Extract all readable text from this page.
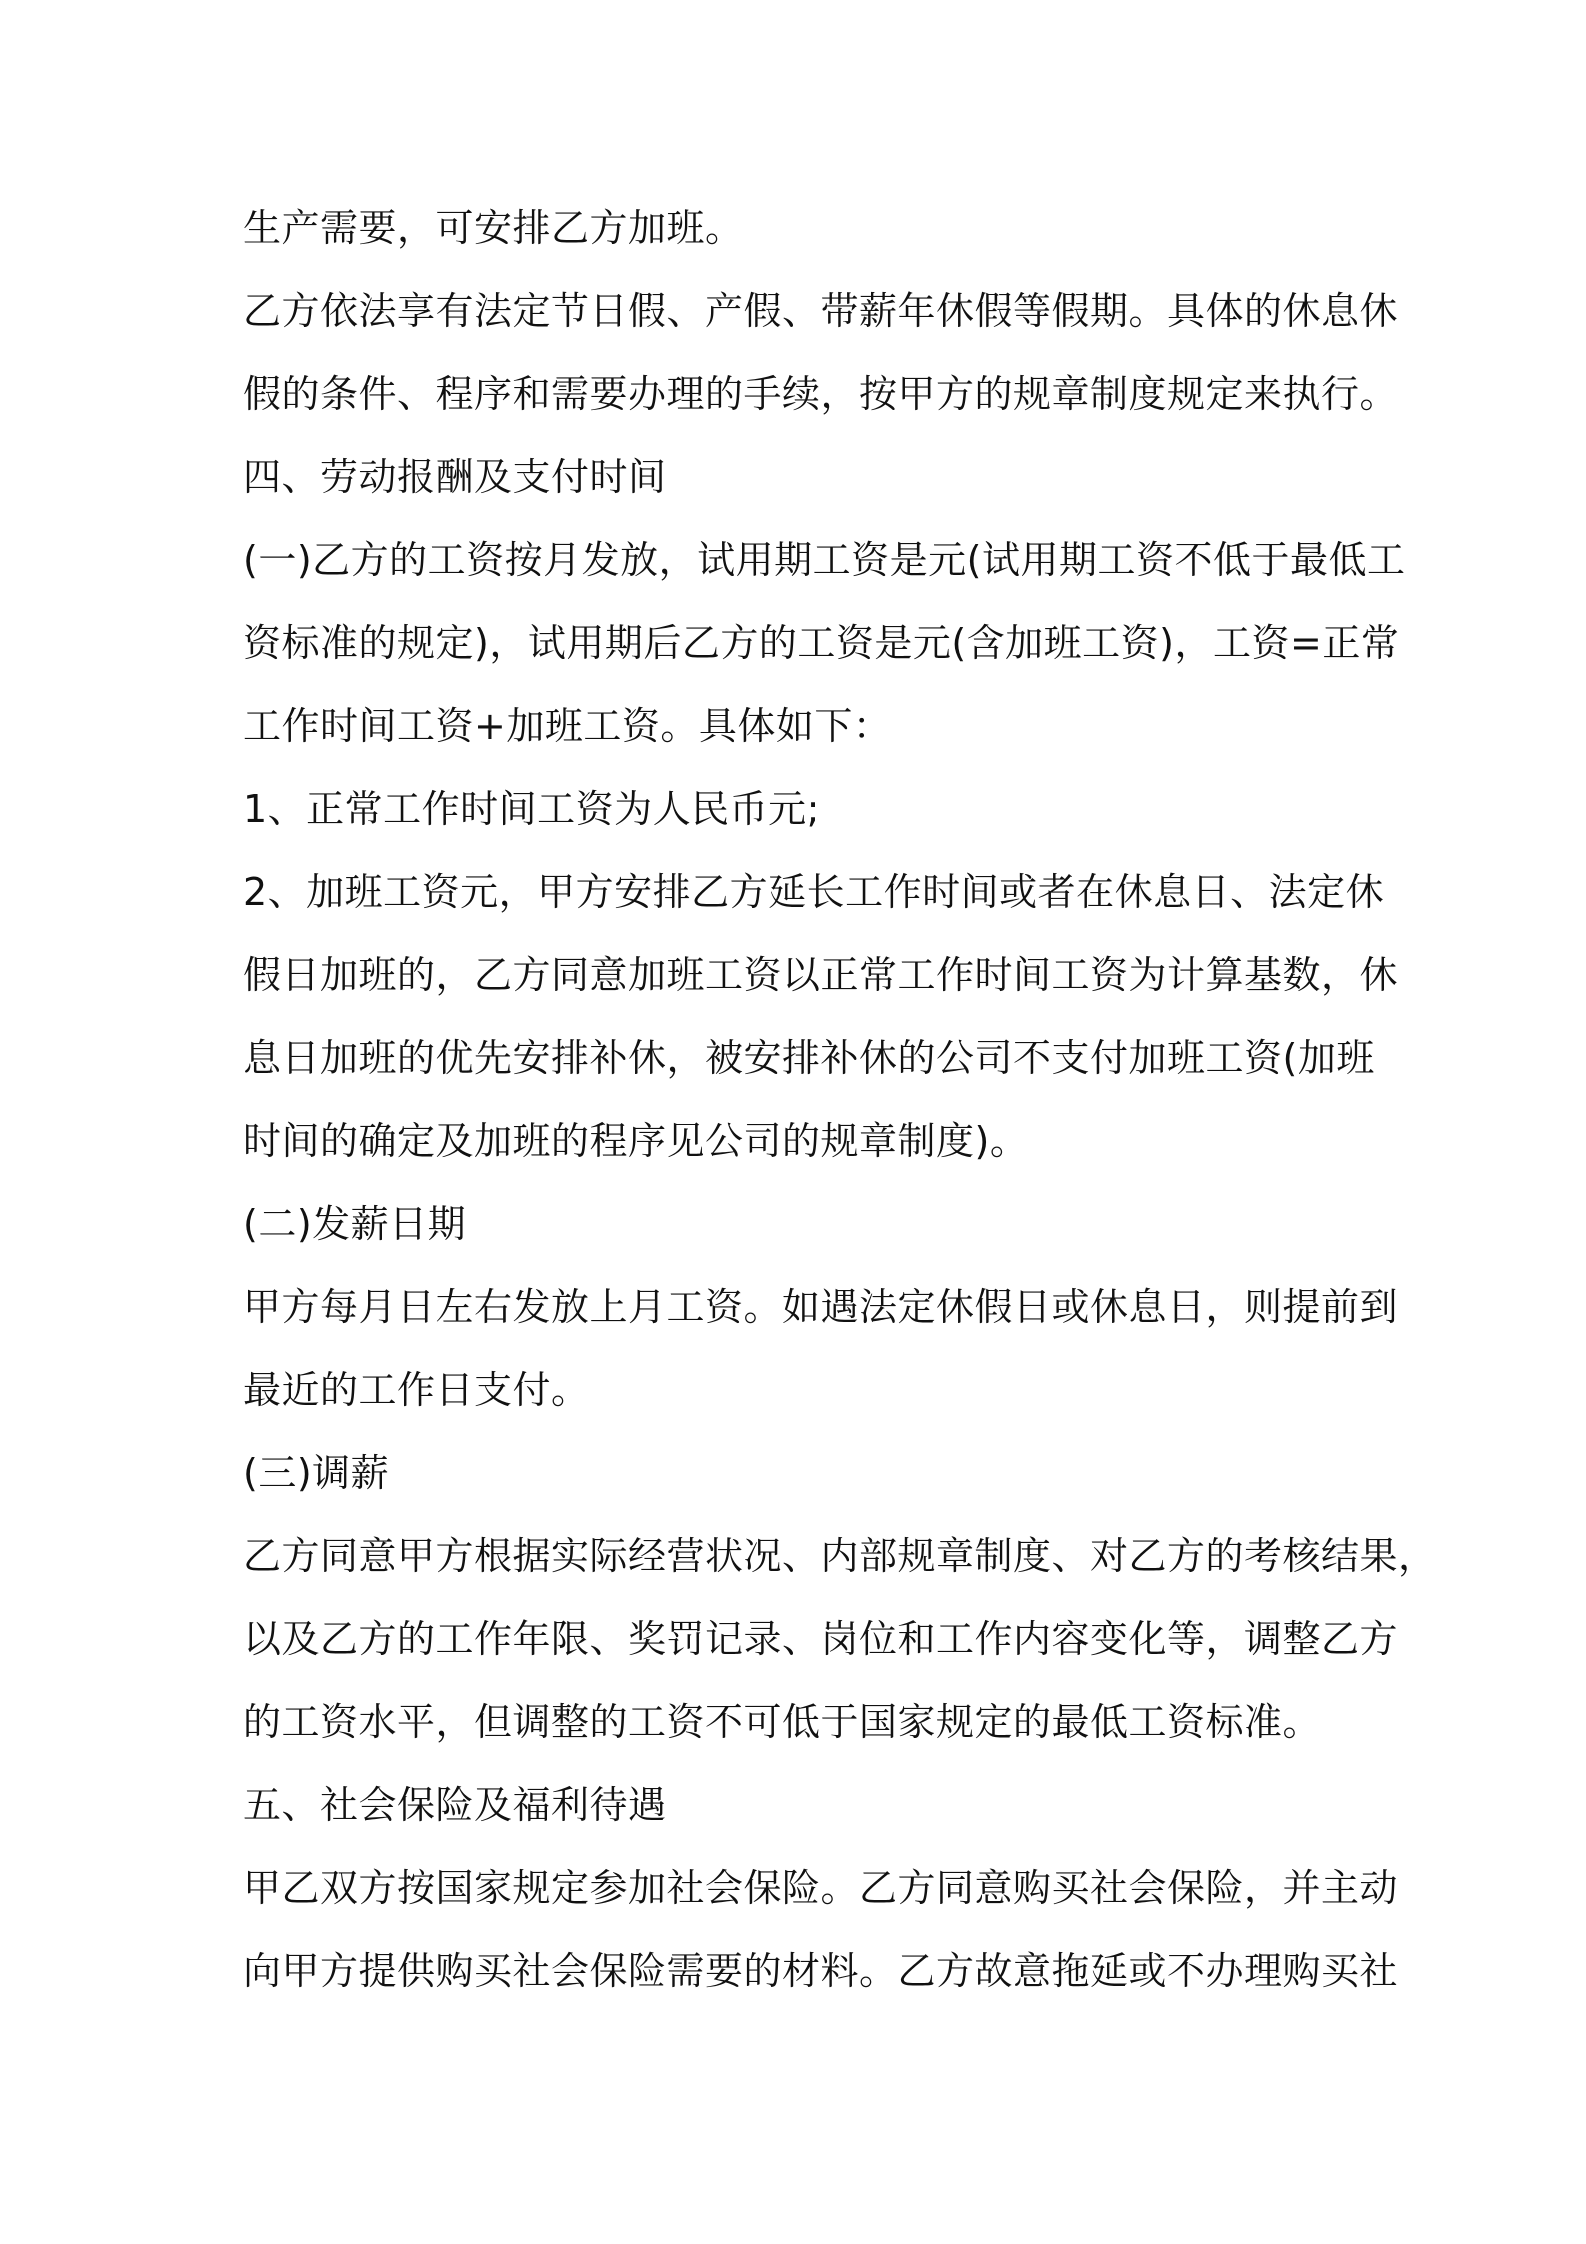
生产需要，可安排乙方加班。
乙方依法享有法定节日假、产假、带薪年休假等假期。具体的休息休
假的条件、程序和需要办理的手续，按甲方的规章制度规定来执行。
四、劳动报酬及支付时间
(一)乙方的工资按月发放，试用期工资是元(试用期工资不低于最低工
资标准的规定)，试用期后乙方的工资是元(含加班工资)，工资=正常
工作时间工资+加班工资。具体如下：
1、正常工作时间工资为人民币元;
2、加班工资元，甲方安排乙方延长工作时间或者在休息日、法定休
假日加班的，乙方同意加班工资以正常工作时间工资为计算基数，休
息日加班的优先安排补休，被安排补休的公司不支付加班工资(加班
时间的确定及加班的程序见公司的规章制度)。
(二)发薪日期
甲方每月日左右发放上月工资。如遇法定休假日或休息日，则提前到
最近的工作日支付。
(三)调薪
乙方同意甲方根据实际经营状况、内部规章制度、对乙方的考核结果，
以及乙方的工作年限、奖罚记录、岗位和工作内容变化等，调整乙方
的工资水平，但调整的工资不可低于国家规定的最低工资标准。
五、社会保险及福利待遇
甲乙双方按国家规定参加社会保险。乙方同意购买社会保险，并主动
向甲方提供购买社会保险需要的材料。乙方故意拖延或不办理购买社
